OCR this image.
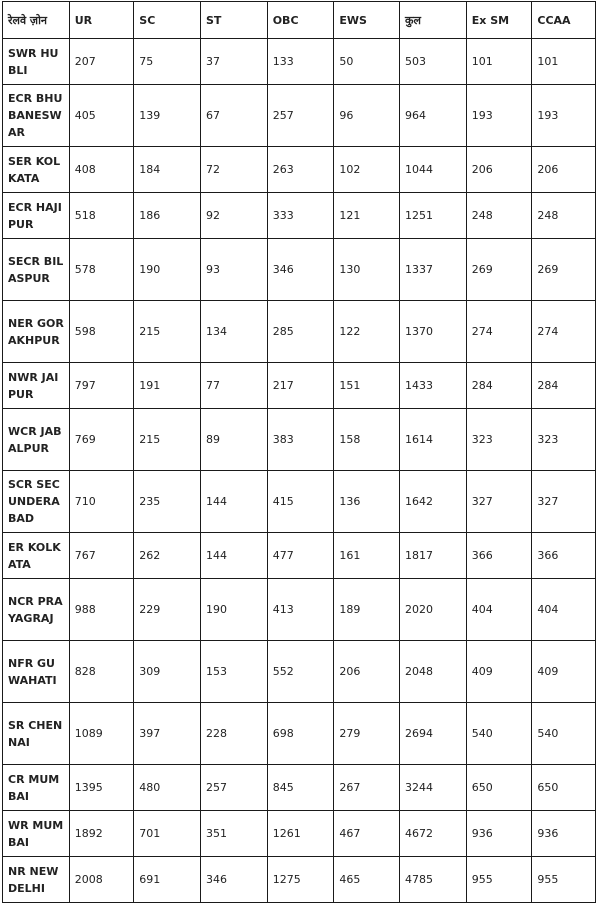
रेलवे ज़ोन	UR	SC	ST	OBC	EWS	कुल	Ex SM	CCAA
SWR HUBLI	207	75	37	133	50	503	101	101
ECR BHUBANESWAR	405	139	67	257	96	964	193	193
SER KOLKATA	408	184	72	263	102	1044	206	206
ECR HAJIPUR	518	186	92	333	121	1251	248	248
SECR BILASPUR	578	190	93	346	130	1337	269	269
NER GORAKHPUR	598	215	134	285	122	1370	274	274
NWR JAIPUR	797	191	77	217	151	1433	284	284
WCR JABALPUR	769	215	89	383	158	1614	323	323
SCR SECUNDERABAD	710	235	144	415	136	1642	327	327
ER KOLKATA	767	262	144	477	161	1817	366	366
NCR PRAYAGRAJ	988	229	190	413	189	2020	404	404
NFR GUWAHATI	828	309	153	552	206	2048	409	409
SR CHENNAI	1089	397	228	698	279	2694	540	540
CR MUMBAI	1395	480	257	845	267	3244	650	650
WR MUMBAI	1892	701	351	1261	467	4672	936	936
NR NEW DELHI	2008	691	346	1275	465	4785	955	955
